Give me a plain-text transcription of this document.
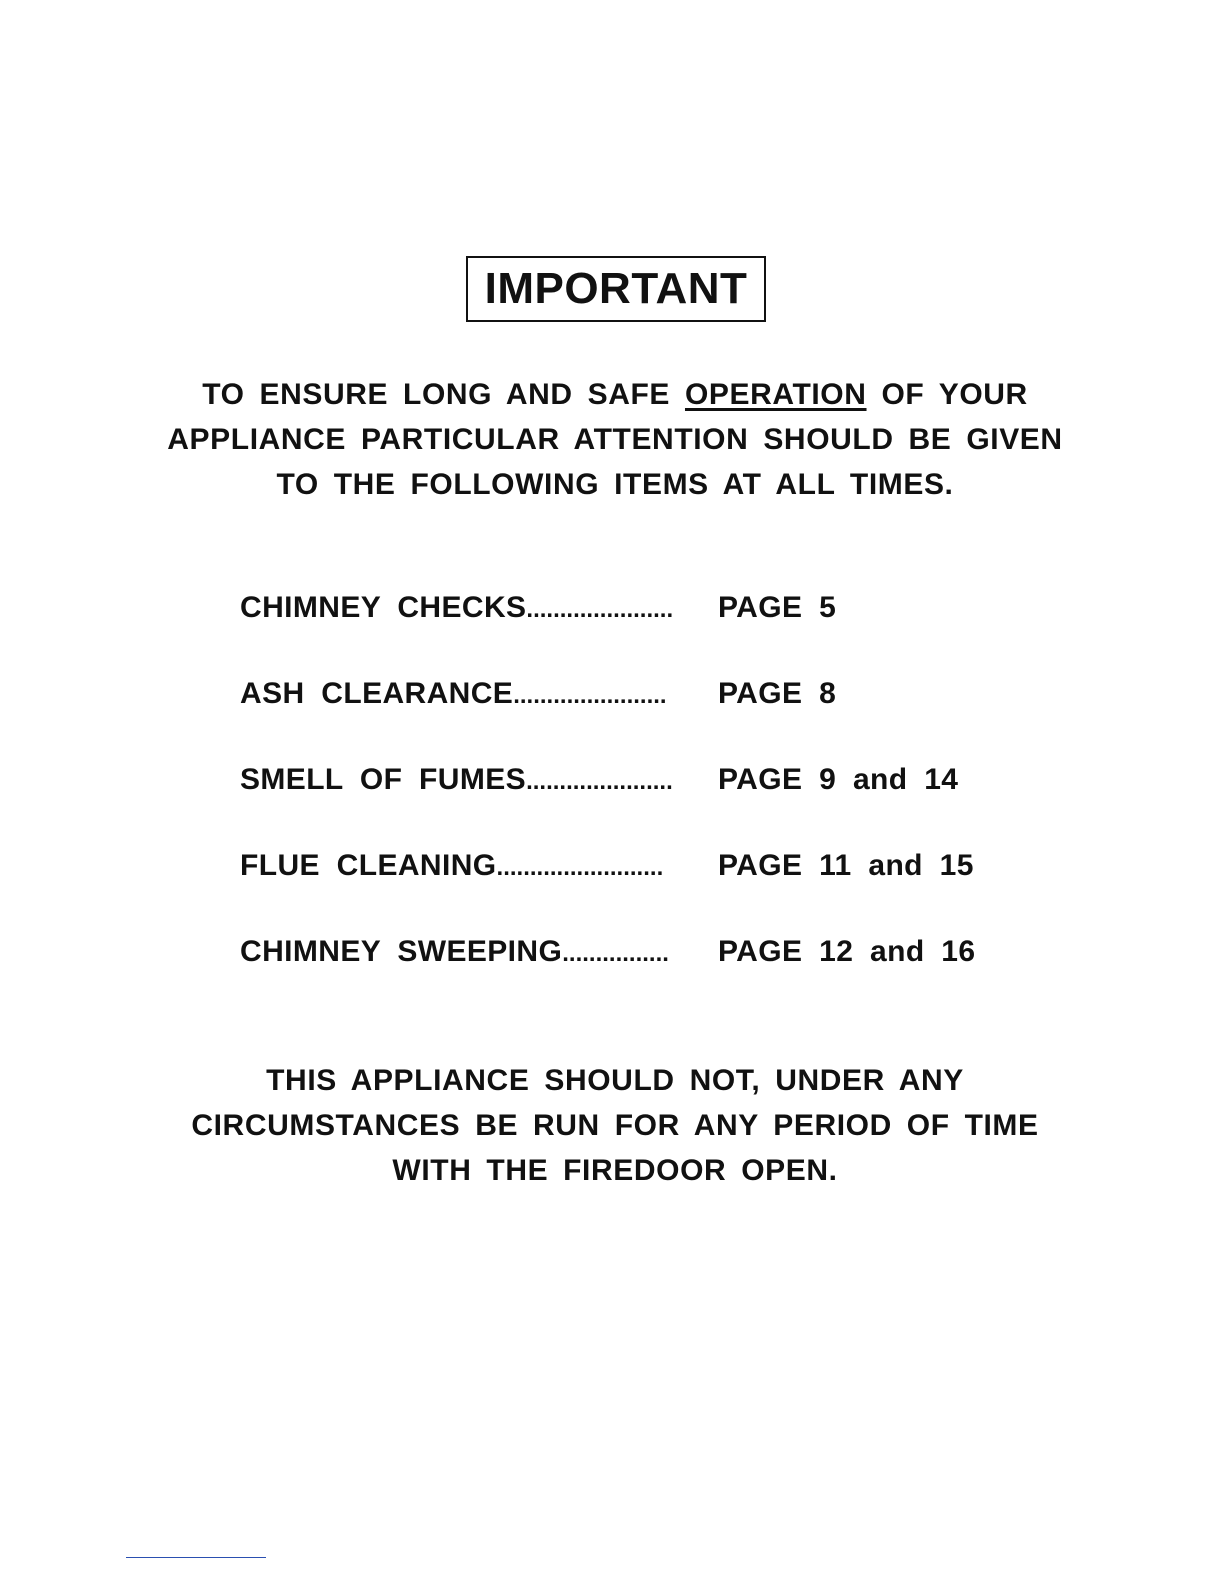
IMPORTANT
TO ENSURE LONG AND SAFE OPERATION OF YOUR
APPLIANCE PARTICULAR ATTENTION SHOULD BE GIVEN
TO THE FOLLOWING ITEMS AT ALL TIMES.
CHIMNEY CHECKS...................... PAGE 5
ASH CLEARANCE....................... PAGE 8
SMELL OF FUMES...................... PAGE 9 and 14
FLUE CLEANING......................... PAGE 11 and 15
CHIMNEY SWEEPING................ PAGE 12 and 16
THIS APPLIANCE SHOULD NOT, UNDER ANY
CIRCUMSTANCES BE RUN FOR ANY PERIOD OF TIME
WITH THE FIREDOOR OPEN.
